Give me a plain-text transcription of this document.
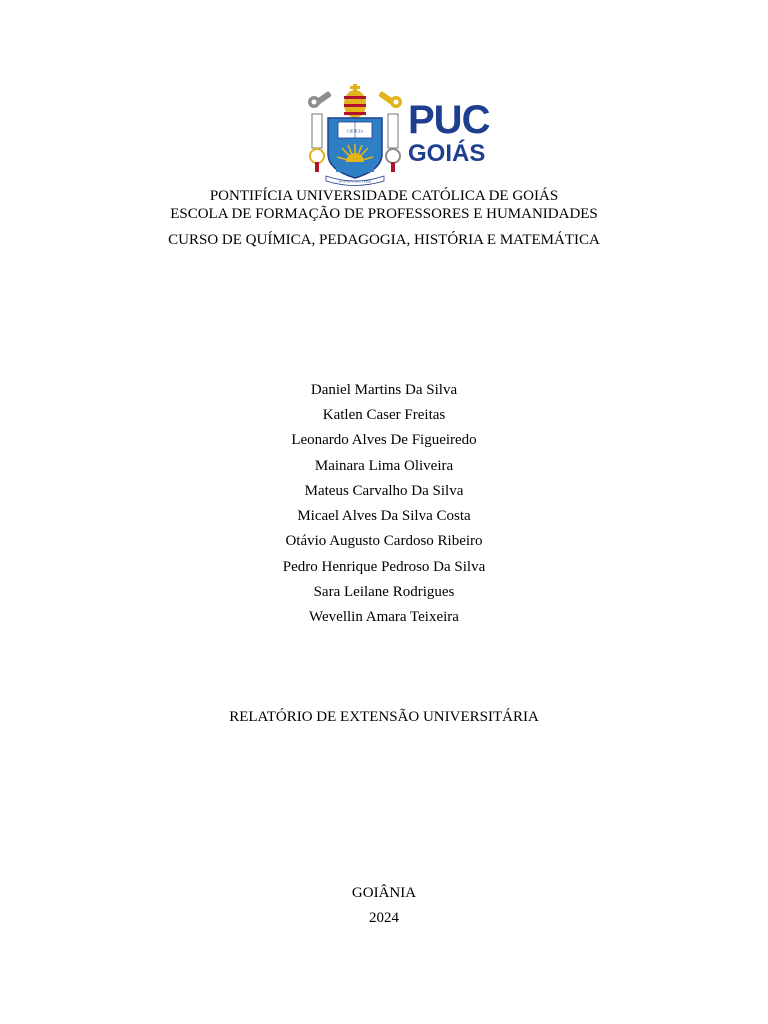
CIENCIA
IN SCIENTIA ET FIDE
PUC
GOIÁS
PONTIFÍCIA UNIVERSIDADE CATÓLICA DE GOIÁS
ESCOLA DE FORMAÇÃO DE PROFESSORES E HUMANIDADES
CURSO DE QUÍMICA, PEDAGOGIA, HISTÓRIA E MATEMÁTICA
Daniel Martins Da Silva
Katlen Caser Freitas
Leonardo Alves De Figueiredo
Mainara Lima Oliveira
Mateus Carvalho Da Silva
Micael Alves Da Silva Costa
Otávio Augusto Cardoso Ribeiro
Pedro Henrique Pedroso Da Silva
Sara Leilane Rodrigues
Wevellin Amara Teixeira
RELATÓRIO DE EXTENSÃO UNIVERSITÁRIA
GOIÂNIA
2024
